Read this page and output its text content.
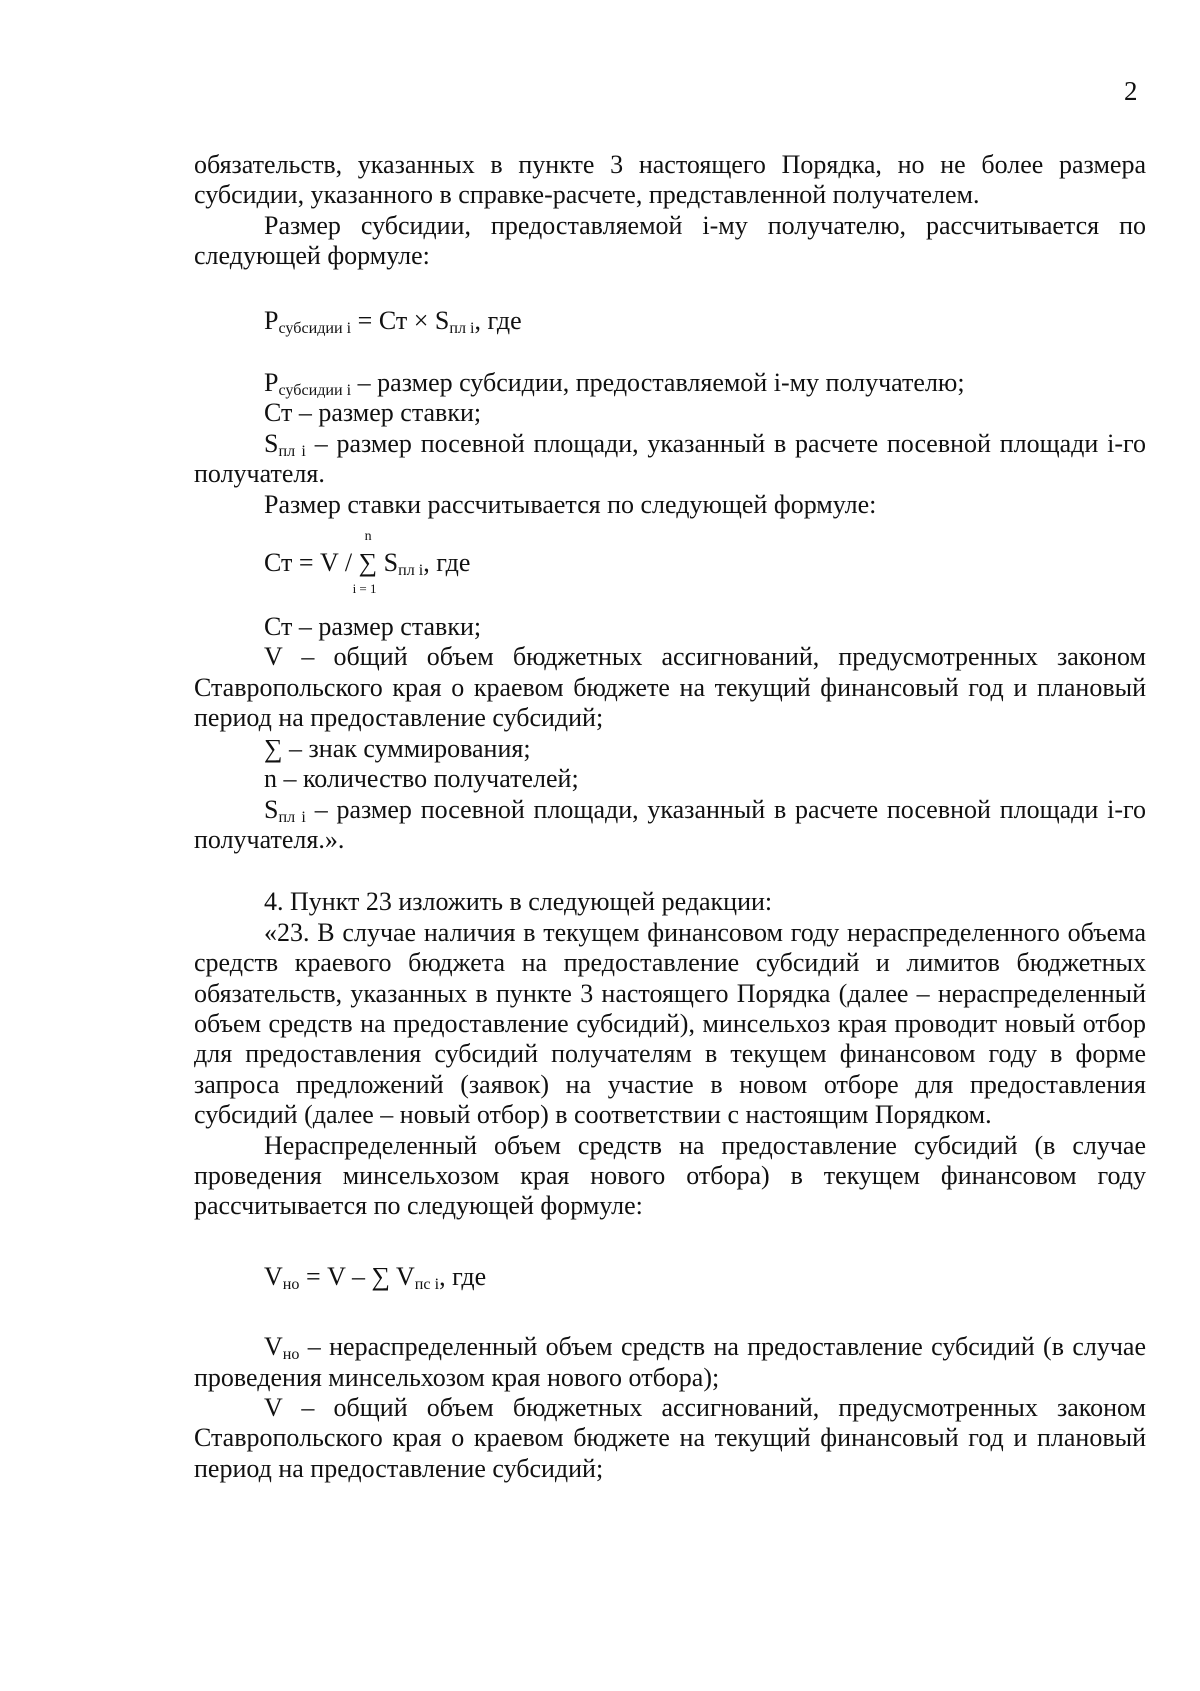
2

обязательств, указанных в пункте 3 настоящего Порядка, но не более размера субсидии, указанного в справке-расчете, представленной получателем.

Размер субсидии, предоставляемой i-му получателю, рассчитывается по следующей формуле:

$P_{субсидии i}$ = Ст × $S_{пл i}$, где

$P_{субсидии i}$ – размер субсидии, предоставляемой i-му получателю;

Ст – размер ставки;

$S_{пл i}$ – размер посевной площади, указанный в расчете посевной площади i-го получателя.

Размер ставки рассчитывается по следующей формуле:

Ст = V /
n
∑
i = 1
$S_{пл i}$, где

Ст – размер ставки;

V – общий объем бюджетных ассигнований, предусмотренных законом Ставропольского края о краевом бюджете на текущий финансовый год и плановый период на предоставление субсидий;

∑ – знак суммирования;

n – количество получателей;

$S_{пл i}$ – размер посевной площади, указанный в расчете посевной площади i-го получателя.».

4. Пункт 23 изложить в следующей редакции:

«23. В случае наличия в текущем финансовом году нераспределенного объема средств краевого бюджета на предоставление субсидий и лимитов бюджетных обязательств, указанных в пункте 3 настоящего Порядка (далее – нераспределенный объем средств на предоставление субсидий), минсельхоз края проводит новый отбор для предоставления субсидий получателям в текущем финансовом году в форме запроса предложений (заявок) на участие в новом отборе для предоставления субсидий (далее – новый отбор) в соответствии с настоящим Порядком.

Нераспределенный объем средств на предоставление субсидий (в случае проведения минсельхозом края нового отбора) в текущем финансовом году рассчитывается по следующей формуле:

$V_{но} = V$ – ∑ $V_{пс i}$, где

$V_{но}$ – нераспределенный объем средств на предоставление субсидий (в случае проведения минсельхозом края нового отбора);

V – общий объем бюджетных ассигнований, предусмотренных законом Ставропольского края о краевом бюджете на текущий финансовый год и плановый период на предоставление субсидий;
